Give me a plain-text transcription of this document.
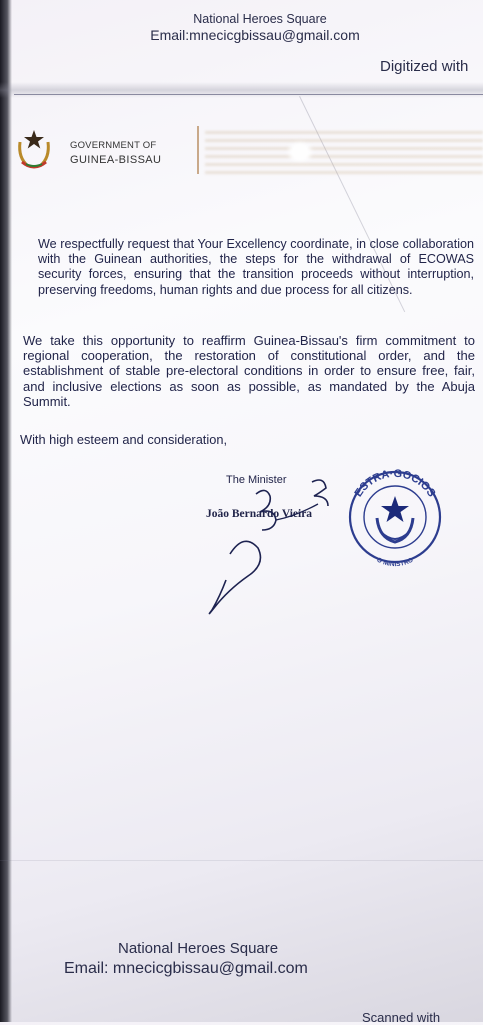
National Heroes Square
Email:mnecicgbissau@gmail.com
Digitized with
GOVERNMENT OF
GUINEA-BISSAU
We respectfully request that Your Excellency coordinate, in close collaboration with the Guinean authorities, the steps for the withdrawal of ECOWAS security forces, ensuring that the transition proceeds without interruption, preserving freedoms, human rights and due process for all citizens.
We take this opportunity to reaffirm Guinea-Bissau's firm commitment to regional cooperation, the restoration of constitutional order, and the establishment of stable pre-electoral conditions in order to ensure free, fair, and inclusive elections as soon as possible, as mandated by the Abuja Summit.
With high esteem and consideration,
The Minister
João Bernardo Vieira
ESTRA·GOCIOS
O MINISTRO
National Heroes Square
Email: mnecicgbissau@gmail.com
Scanned with
